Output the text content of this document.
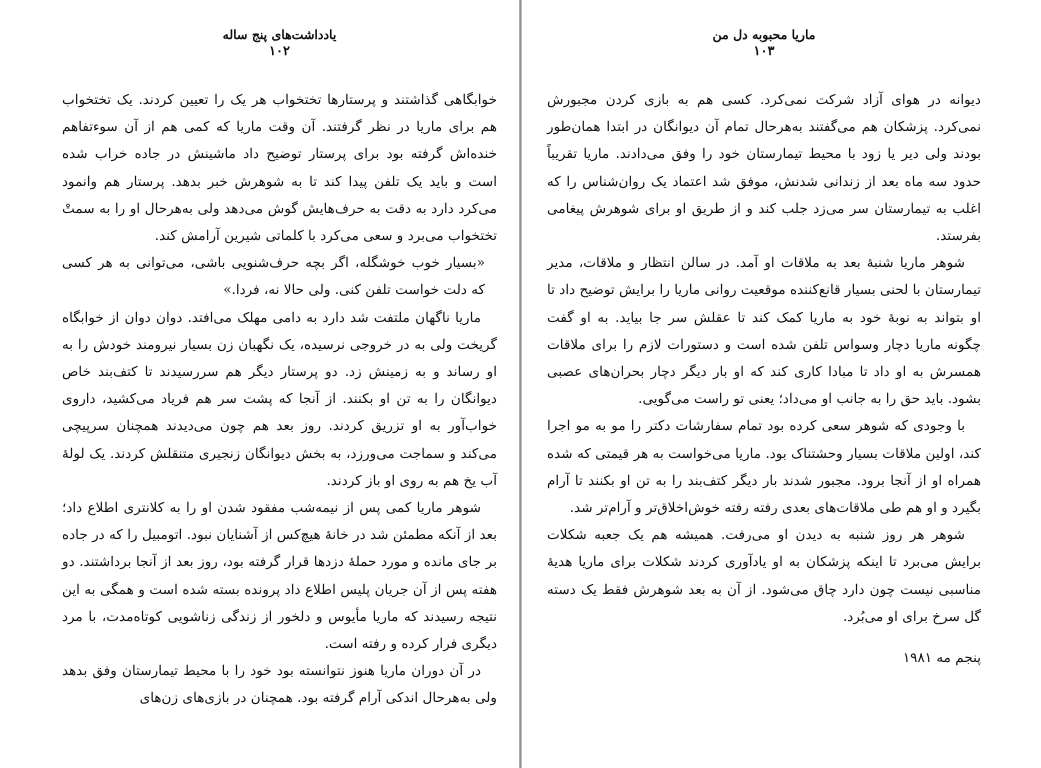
یادداشت‌های پنج ساله
۱۰۲

خوابگاهی گذاشتند و پرستارها تختخواب هر یک را تعیین کردند. یک تختخواب هم برای ماریا در نظر گرفتند. آن وقت ماریا که کمی هم از آن سوءتفاهم خنده‌اش گرفته بود برای پرستار توضیح داد ماشینش در جاده خراب شده است و باید یک تلفن پیدا کند تا به شوهرش خبر بدهد. پرستار هم وانمود می‌کرد دارد به دقت به حرف‌هایش گوش می‌دهد ولی به‌هرحال او را به سمتْ تختخواب می‌برد و سعی می‌کرد با کلماتی شیرین آرامش کند.

«بسیار خوب خوشگله، اگر بچه حرف‌شنویی باشی، می‌توانی به هر کسی که دلت خواست تلفن کنی. ولی حالا نه، فردا.»

ماریا ناگهان ملتفت شد دارد به دامی مهلک می‌افتد. دوان دوان از خوابگاه گریخت ولی به در خروجی نرسیده، یک نگهبان زن بسیار نیرومند خودش را به او رساند و به زمینش زد. دو پرستار دیگر هم سررسیدند تا کتف‌بند خاص دیوانگان را به تن او بکنند. از آنجا که پشت سر هم فریاد می‌کشید، داروی خواب‌آور به او تزریق کردند. روز بعد هم چون می‌دیدند همچنان سرپیچی می‌کند و سماجت می‌ورزد، به بخش دیوانگان زنجیری متنقلش کردند. یک لولهٔ آب یخ هم به روی او باز کردند.

شوهر ماریا کمی پس از نیمه‌شب مفقود شدن او را به کلانتری اطلاع داد؛ بعد از آنکه مطمئن شد در خانهٔ هیچ‌کس از آشنایان نبود. اتومبیل را که در جاده بر جای مانده و مورد حملهٔ دزدها قرار گرفته بود، روز بعد از آنجا برداشتند. دو هفته پس از آن جریان پلیس اطلاع داد پرونده بسته شده است و همگی به این نتیجه رسیدند که ماریا مأیوس و دلخور از زندگی زناشویی کوتاه‌مدت، با مرد دیگری فرار کرده و رفته است.

در آن دوران ماریا هنوز نتوانسته بود خود را با محیط تیمارستان وفق بدهد ولی به‌هرحال اندکی آرام گرفته بود. همچنان در بازی‌های زن‌های

ماریا محبوبه دل من
۱۰۳

دیوانه در هوای آزاد شرکت نمی‌کرد. کسی هم به بازی کردن مجبورش نمی‌کرد. پزشکان هم می‌گفتند به‌هرحال تمام آن دیوانگان در ابتدا همان‌طور بودند ولی دیر یا زود با محیط تیمارستان خود را وفق می‌دادند. ماریا تقریباً حدود سه ماه بعد از زندانی شدنش، موفق شد اعتماد یک روان‌شناس را که اغلب به تیمارستان سر می‌زد جلب کند و از طریق او برای شوهرش پیغامی بفرستد.

شوهر ماریا شنبهٔ بعد به ملاقات او آمد. در سالن انتظار و ملاقات، مدیر تیمارستان با لحنی بسیار قانع‌کننده موقعیت روانی ماریا را برایش توضیح داد تا او بتواند به نوبهٔ خود به ماریا کمک کند تا عقلش سر جا بیاید. به او گفت چگونه ماریا دچار وسواس تلفن شده است و دستورات لازم را برای ملاقات همسرش به او داد تا مبادا کاری کند که او بار دیگر دچار بحران‌های عصبی بشود. باید حق را به جانب او می‌داد؛ یعنی تو راست می‌گویی.

با وجودی که شوهر سعی کرده بود تمام سفارشات دکتر را مو به مو اجرا کند، اولین ملاقات بسیار وحشتناک بود. ماریا می‌خواست به هر قیمتی که شده همراه او از آنجا برود. مجبور شدند بار دیگر کتف‌بند را به تن او بکنند تا آرام بگیرد و او هم طی ملاقات‌های بعدی رفته رفته خوش‌اخلاق‌تر و آرام‌تر شد.

شوهر هر روز شنبه به دیدن او می‌رفت. همیشه هم یک جعبه شکلات برایش می‌برد تا اینکه پزشکان به او یادآوری کردند شکلات برای ماریا هدیهٔ مناسبی نیست چون دارد چاق می‌شود. از آن به بعد شوهرش فقط یک دسته گل سرخ برای او می‌بُرد.

پنجم مه ۱۹۸۱
